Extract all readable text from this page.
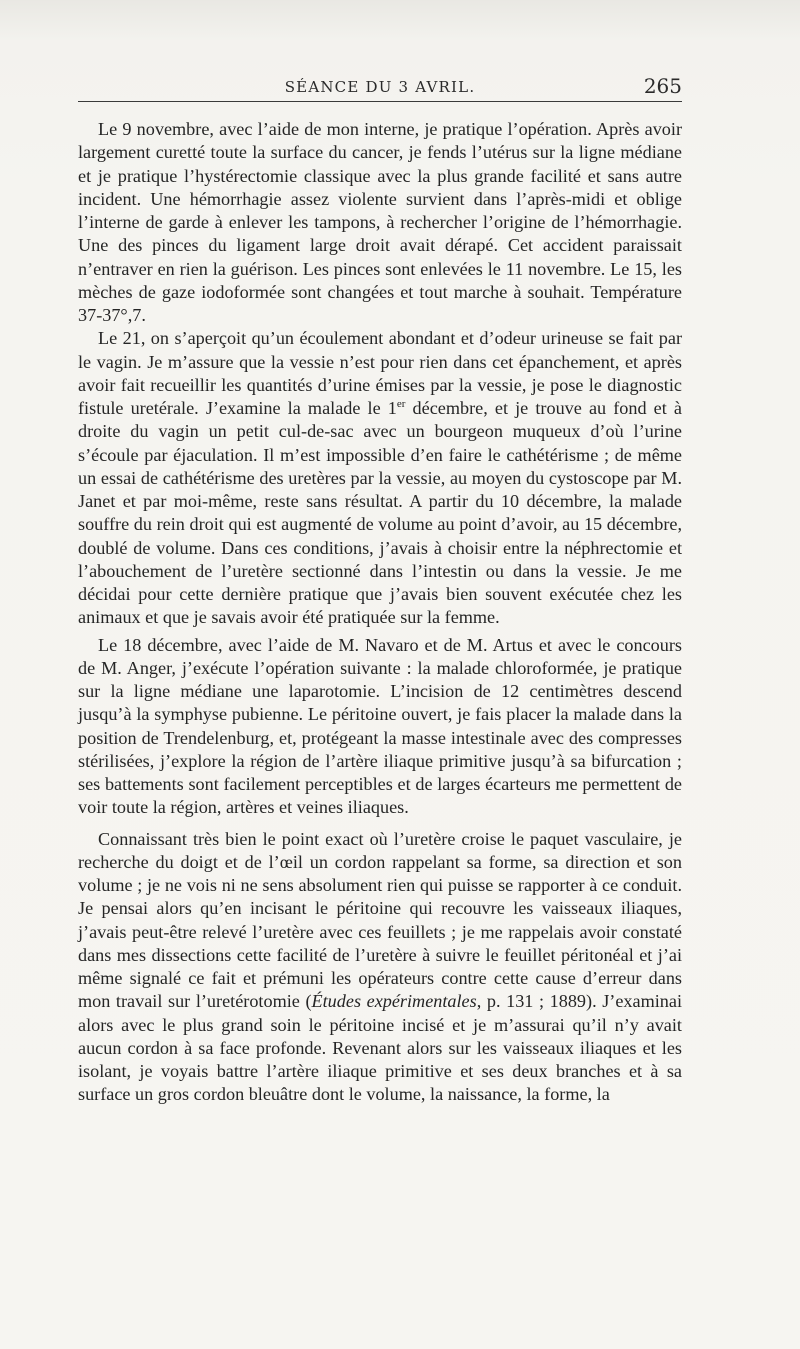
SÉANCE DU 3 AVRIL.	265

Le 9 novembre, avec l’aide de mon interne, je pratique l’opération. Après avoir largement curetté toute la surface du cancer, je fends l’utérus sur la ligne médiane et je pratique l’hystérectomie classique avec la plus grande facilité et sans autre incident. Une hémorrhagie assez violente survient dans l’après-midi et oblige l’interne de garde à enlever les tampons, à rechercher l’origine de l’hémorrhagie. Une des pinces du ligament large droit avait dérapé. Cet accident paraissait n’entraver en rien la guérison. Les pinces sont enlevées le 11 novembre. Le 15, les mèches de gaze iodoformée sont changées et tout marche à souhait. Température 37-37°,7.

Le 21, on s’aperçoit qu’un écoulement abondant et d’odeur urineuse se fait par le vagin. Je m’assure que la vessie n’est pour rien dans cet épanchement, et après avoir fait recueillir les quantités d’urine émises par la vessie, je pose le diagnostic fistule uretérale. J’examine la malade le 1er décembre, et je trouve au fond et à droite du vagin un petit cul-de-sac avec un bourgeon muqueux d’où l’urine s’écoule par éjaculation. Il m’est impossible d’en faire le cathétérisme ; de même un essai de cathétérisme des uretères par la vessie, au moyen du cystoscope par M. Janet et par moi-même, reste sans résultat. A partir du 10 décembre, la malade souffre du rein droit qui est augmenté de volume au point d’avoir, au 15 décembre, doublé de volume. Dans ces conditions, j’avais à choisir entre la néphrectomie et l’abouchement de l’uretère sectionné dans l’intestin ou dans la vessie. Je me décidai pour cette dernière pratique que j’avais bien souvent exécutée chez les animaux et que je savais avoir été pratiquée sur la femme.

Le 18 décembre, avec l’aide de M. Navaro et de M. Artus et avec le concours de M. Anger, j’exécute l’opération suivante : la malade chloroformée, je pratique sur la ligne médiane une laparotomie. L’incision de 12 centimètres descend jusqu’à la symphyse pubienne. Le péritoine ouvert, je fais placer la malade dans la position de Trendelenburg, et, protégeant la masse intestinale avec des compresses stérilisées, j’explore la région de l’artère iliaque primitive jusqu’à sa bifurcation ; ses battements sont facilement perceptibles et de larges écarteurs me permettent de voir toute la région, artères et veines iliaques.

Connaissant très bien le point exact où l’uretère croise le paquet vasculaire, je recherche du doigt et de l’œil un cordon rappelant sa forme, sa direction et son volume ; je ne vois ni ne sens absolument rien qui puisse se rapporter à ce conduit. Je pensai alors qu’en incisant le péritoine qui recouvre les vaisseaux iliaques, j’avais peut-être relevé l’uretère avec ces feuillets ; je me rappelais avoir constaté dans mes dissections cette facilité de l’uretère à suivre le feuillet péritonéal et j’ai même signalé ce fait et prémuni les opérateurs contre cette cause d’erreur dans mon travail sur l’uretérotomie (Études expérimentales, p. 131 ; 1889). J’examinai alors avec le plus grand soin le péritoine incisé et je m’assurai qu’il n’y avait aucun cordon à sa face profonde. Revenant alors sur les vaisseaux iliaques et les isolant, je voyais battre l’artère iliaque primitive et ses deux branches et à sa surface un gros cordon bleuâtre dont le volume, la naissance, la forme, la
